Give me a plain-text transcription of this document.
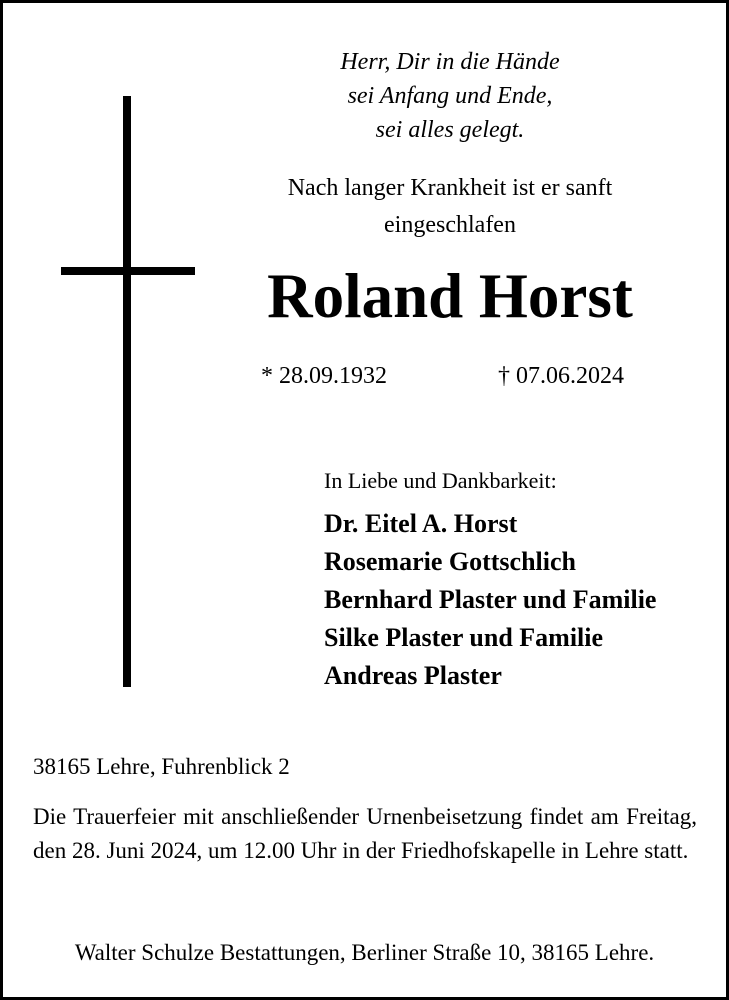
Herr, Dir in die Hände
sei Anfang und Ende,
sei alles gelegt.
Nach langer Krankheit ist er sanft
eingeschlafen
Roland Horst
* 28.09.1932	† 07.06.2024
In Liebe und Dankbarkeit:
Dr. Eitel A. Horst
Rosemarie Gottschlich
Bernhard Plaster und Familie
Silke Plaster und Familie
Andreas Plaster
38165 Lehre, Fuhrenblick 2

Die Trauerfeier mit anschließender Urnenbeisetzung findet am Freitag, den 28. Juni 2024, um 12.00 Uhr in der Friedhofskapelle in Lehre statt.

Walter Schulze Bestattungen, Berliner Straße 10, 38165 Lehre.
